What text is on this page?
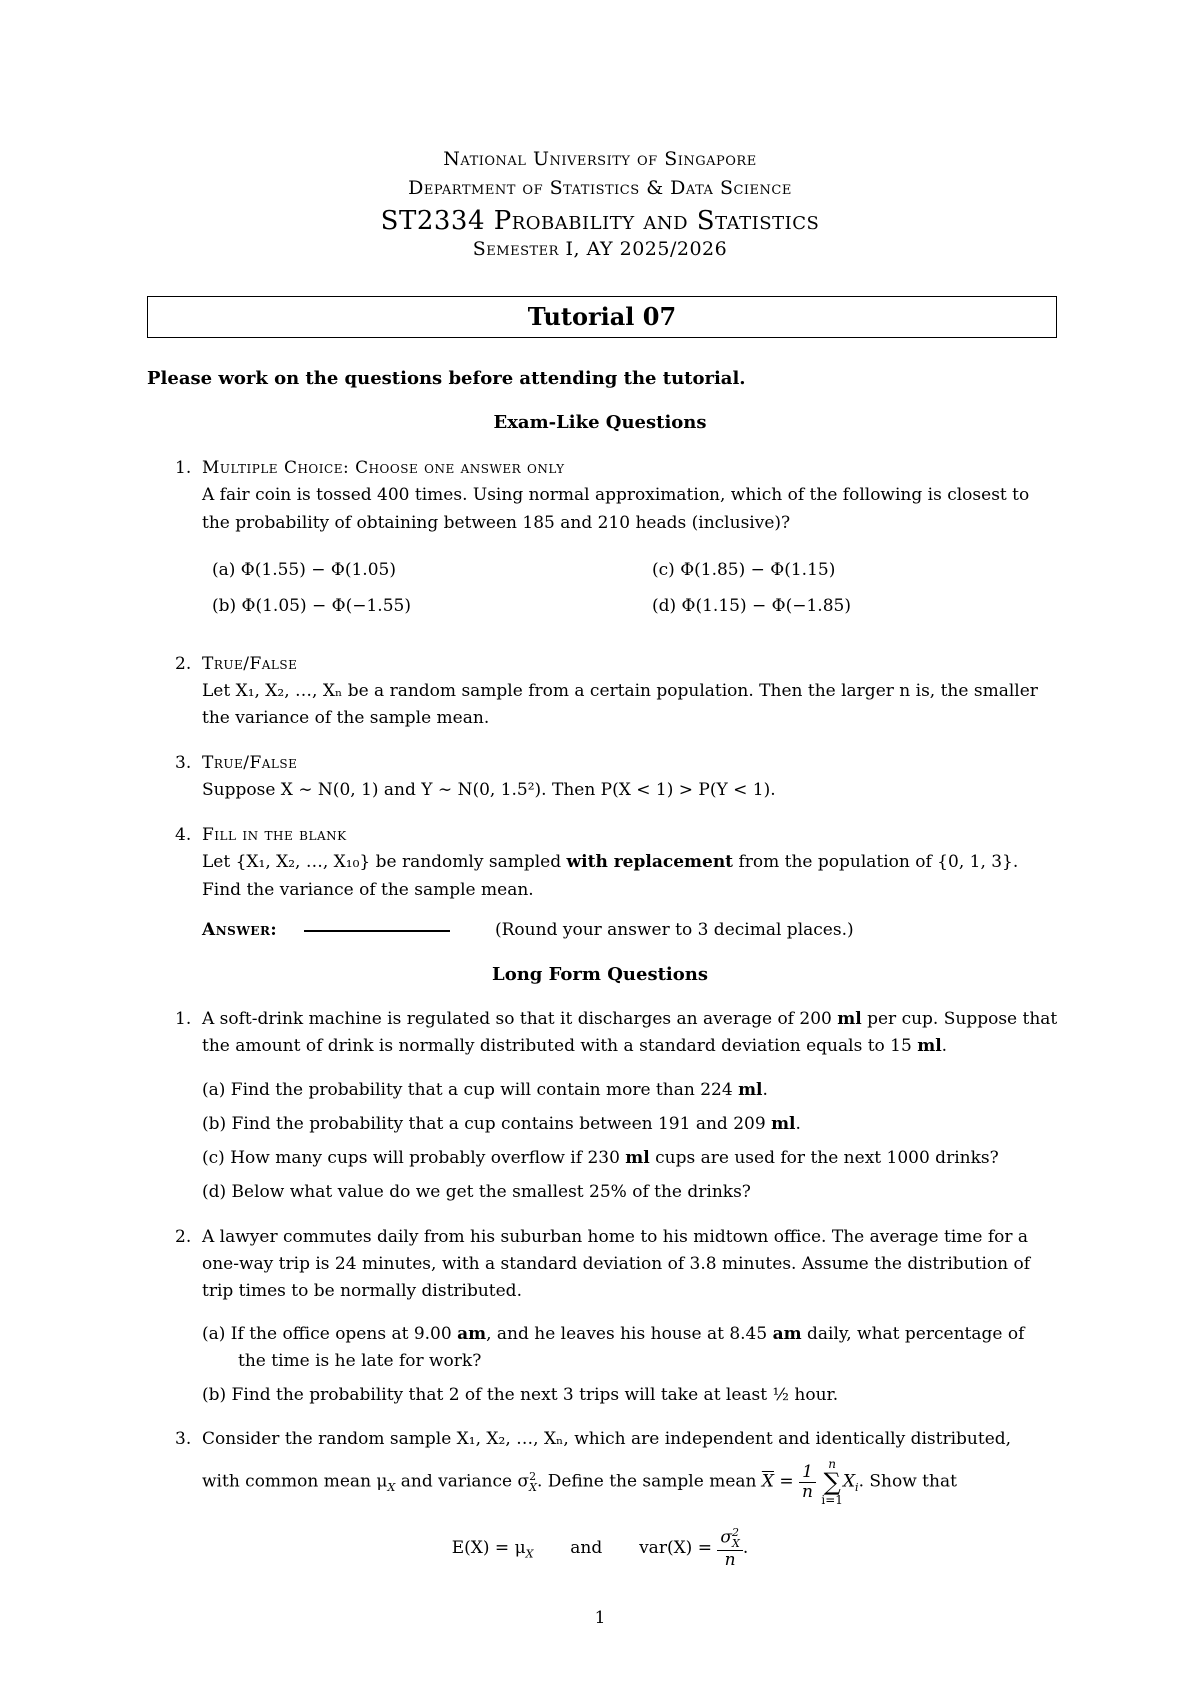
National University of Singapore
Department of Statistics & Data Science
ST2334 Probability and Statistics
Semester I, AY 2025/2026
Tutorial 07
Please work on the questions before attending the tutorial.
Exam-Like Questions
1. Multiple Choice: Choose one answer only
A fair coin is tossed 400 times. Using normal approximation, which of the following is closest to
the probability of obtaining between 185 and 210 heads (inclusive)?
(a) Φ(1.55) − Φ(1.05)
(b) Φ(1.05) − Φ(−1.55)
(c) Φ(1.85) − Φ(1.15)
(d) Φ(1.15) − Φ(−1.85)
2. True/False
Let X₁, X₂, …, Xₙ be a random sample from a certain population. Then the larger n is, the smaller
the variance of the sample mean.
3. True/False
Suppose X ∼ N(0, 1) and Y ∼ N(0, 1.5²). Then P(X < 1) > P(Y < 1).
4. Fill in the blank
Let {X₁, X₂, …, X₁₀} be randomly sampled with replacement from the population of {0, 1, 3}.
Find the variance of the sample mean.
Answer:	(Round your answer to 3 decimal places.)
Long Form Questions
1. A soft-drink machine is regulated so that it discharges an average of 200 ml per cup. Suppose that
the amount of drink is normally distributed with a standard deviation equals to 15 ml.
(a) Find the probability that a cup will contain more than 224 ml.
(b) Find the probability that a cup contains between 191 and 209 ml.
(c) How many cups will probably overflow if 230 ml cups are used for the next 1000 drinks?
(d) Below what value do we get the smallest 25% of the drinks?
2. A lawyer commutes daily from his suburban home to his midtown office. The average time for a
one-way trip is 24 minutes, with a standard deviation of 3.8 minutes. Assume the distribution of
trip times to be normally distributed.
(a) If the office opens at 9.00 am, and he leaves his house at 8.45 am daily, what percentage of
the time is he late for work?
(b) Find the probability that 2 of the next 3 trips will take at least ½ hour.
3. Consider the random sample X₁, X₂, …, Xₙ, which are independent and identically distributed,
with common mean $\mu_X$ and variance $\sigma^2_X$. Define the sample mean $\overline{X} = \frac{1}{n}$ n
∑
$i=1X_i$. Show that
$E(X) = \mu_X$ and $var(X) = \frac{\sigma^2_X}{n}$ .
1
